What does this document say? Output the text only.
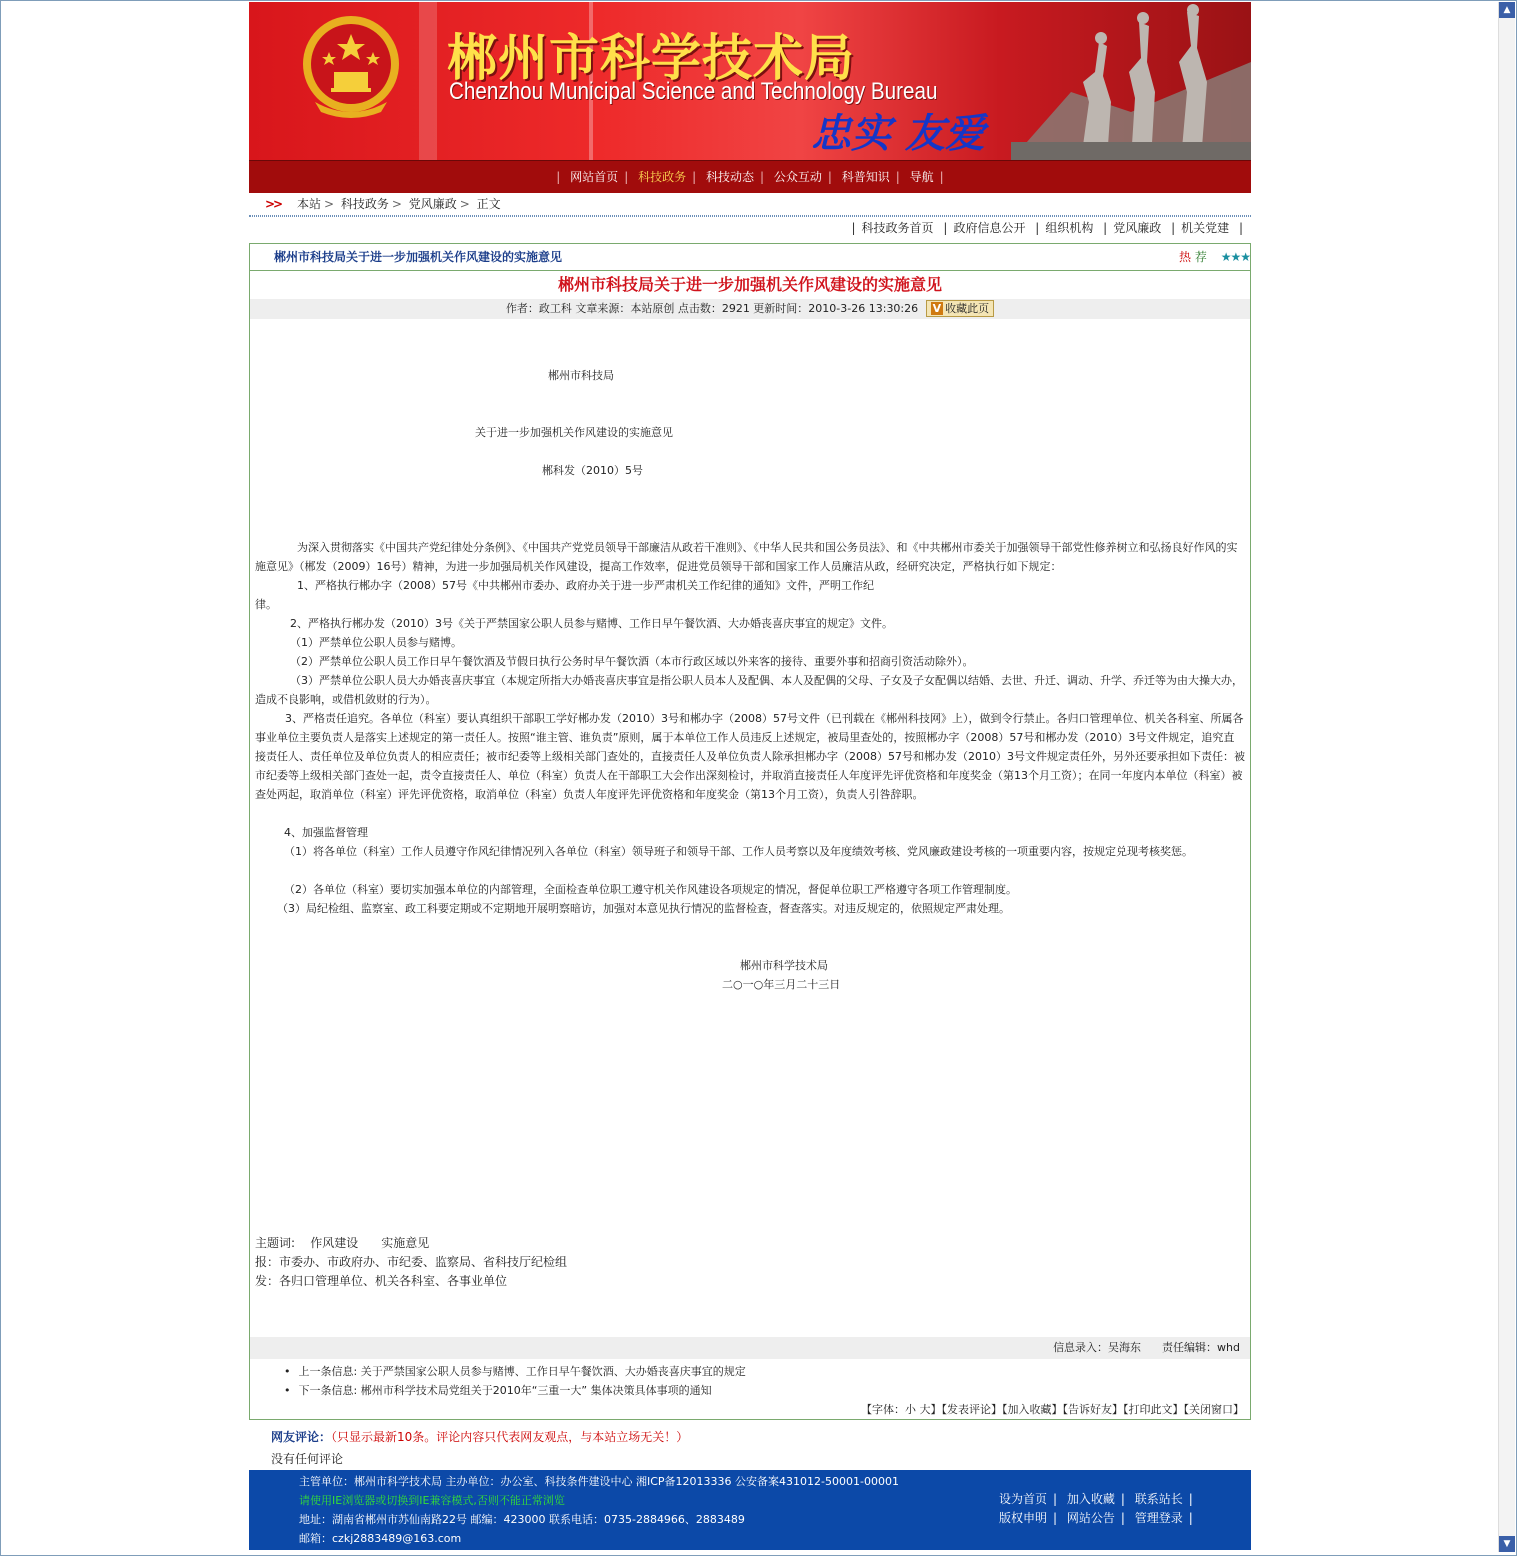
▲
▼
郴州市科学技术局
Chenzhou Municipal Science and Technology Bureau
忠实 友爱
| 网站首页 | 科技政务 | 科技动态 | 公众互动 | 科普知识 | 导航 |
>> 本站 > 科技政务 > 党风廉政 > 正文
| 科技政务首页 | 政府信息公开 | 组织机构 | 党风廉政 | 机关党建 |
郴州市科技局关于进一步加强机关作风建设的实施意见	热 荐 ★★★
郴州市科技局关于进一步加强机关作风建设的实施意见
作者：政工科 文章来源：本站原创 点击数：2921 更新时间：2010-3-26 13:30:26 V 收藏此页

郴州市科技局

关于进一步加强机关作风建设的实施意见

郴科发（2010）5号

为深入贯彻落实《中国共产党纪律处分条例》、《中国共产党党员领导干部廉洁从政若干准则》、《中华人民共和国公务员法》、和《中共郴州市委关于加强领导干部党性修养树立和弘扬良好作风的实施意见》（郴发（2009）16号）精神，为进一步加强局机关作风建设，提高工作效率，促进党员领导干部和国家工作人员廉洁从政，经研究决定，严格执行如下规定：

1、严格执行郴办字（2008）57号《中共郴州市委办、政府办关于进一步严肃机关工作纪律的通知》文件，严明工作纪

律。

2、严格执行郴办发（2010）3号《关于严禁国家公职人员参与赌博、工作日早午餐饮酒、大办婚丧喜庆事宜的规定》文件。

（1）严禁单位公职人员参与赌博。

（2）严禁单位公职人员工作日早午餐饮酒及节假日执行公务时早午餐饮酒（本市行政区域以外来客的接待、重要外事和招商引资活动除外）。

（3）严禁单位公职人员大办婚丧喜庆事宜（本规定所指大办婚丧喜庆事宜是指公职人员本人及配偶、本人及配偶的父母、子女及子女配偶以结婚、去世、升迁、调动、升学、乔迁等为由大操大办，造成不良影响，或借机敛财的行为）。

3、严格责任追究。各单位（科室）要认真组织干部职工学好郴办发（2010）3号和郴办字（2008）57号文件（已刊载在《郴州科技网》上），做到令行禁止。各归口管理单位、机关各科室、所属各事业单位主要负责人是落实上述规定的第一责任人。按照“谁主管、谁负责”原则，属于本单位工作人员违反上述规定，被局里查处的，按照郴办字（2008）57号和郴办发（2010）3号文件规定，追究直接责任人、责任单位及单位负责人的相应责任；被市纪委等上级相关部门查处的，直接责任人及单位负责人除承担郴办字（2008）57号和郴办发（2010）3号文件规定责任外，另外还要承担如下责任：被市纪委等上级相关部门查处一起，责令直接责任人、单位（科室）负责人在干部职工大会作出深刻检讨，并取消直接责任人年度评先评优资格和年度奖金（第13个月工资）；在同一年度内本单位（科室）被查处两起，取消单位（科室）评先评优资格，取消单位（科室）负责人年度评先评优资格和年度奖金（第13个月工资），负责人引咎辞职。

4、加强监督管理

（1）将各单位（科室）工作人员遵守作风纪律情况列入各单位（科室）领导班子和领导干部、工作人员考察以及年度绩效考核、党风廉政建设考核的一项重要内容，按规定兑现考核奖惩。

（2）各单位（科室）要切实加强本单位的内部管理，全面检查单位职工遵守机关作风建设各项规定的情况，督促单位职工严格遵守各项工作管理制度。

（3）局纪检组、监察室、政工科要定期或不定期地开展明察暗访，加强对本意见执行情况的监督检查，督查落实。对违反规定的，依照规定严肃处理。

郴州市科学技术局

二○一○年三月二十三日

主题词:    作风建设      实施意见

报：市委办、市政府办、市纪委、监察局、省科技厅纪检组

发：各归口管理单位、机关各科室、各事业单位

信息录入：吴海东      责任编辑：whd
• 上一条信息: 关于严禁国家公职人员参与赌博、工作日早午餐饮酒、大办婚丧喜庆事宜的规定
• 下一条信息: 郴州市科学技术局党组关于2010年“三重一大” 集体决策具体事项的通知
【字体：小 大】【发表评论】【加入收藏】【告诉好友】【打印此文】【关闭窗口】
网友评论：（只显示最新10条。评论内容只代表网友观点，与本站立场无关！）
没有任何评论
主管单位：郴州市科学技术局 主办单位：办公室、科技条件建设中心 湘ICP备12013336 公安备案431012-50001-00001
请使用IE浏览器或切换到IE兼容模式,否则不能正常浏览
地址：湖南省郴州市苏仙南路22号 邮编：423000 联系电话：0735-2884966、2883489
邮箱：czkj2883489@163.com
设为首页 | 加入收藏 | 联系站长 |
版权申明 | 网站公告 | 管理登录 |
